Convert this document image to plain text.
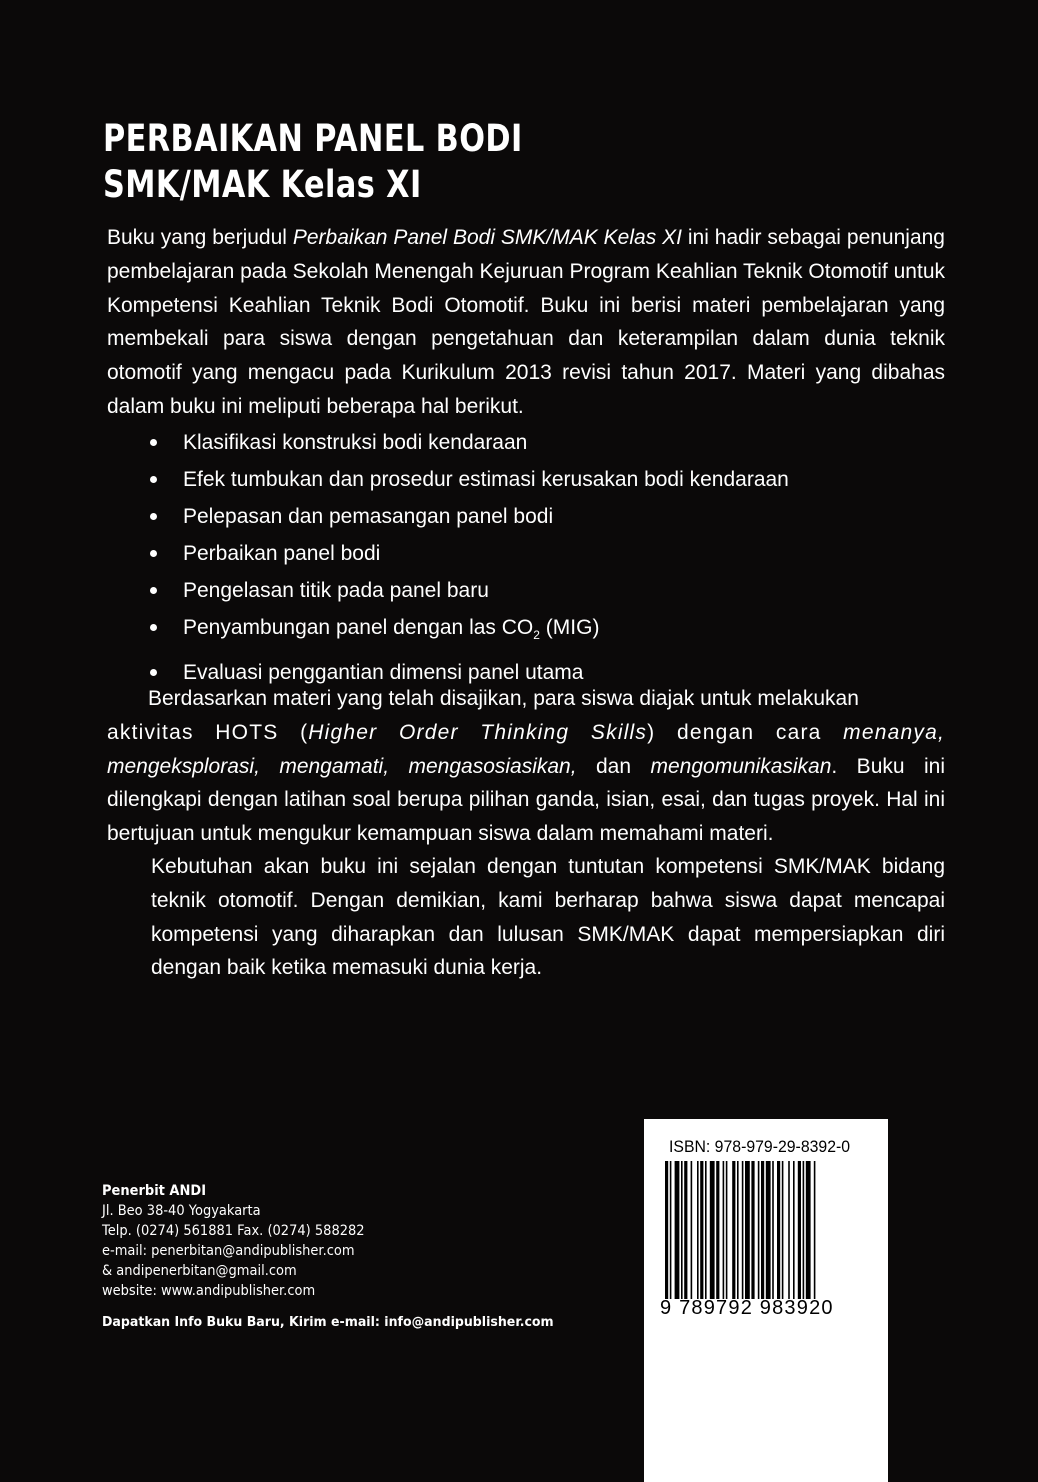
PERBAIKAN PANEL BODI
SMK/MAK Kelas XI

Buku yang berjudul Perbaikan Panel Bodi SMK/MAK Kelas XI ini hadir sebagai penunjang pembelajaran pada Sekolah Menengah Kejuruan Program Keahlian Teknik Otomotif untuk Kompetensi Keahlian Teknik Bodi Otomotif. Buku ini berisi materi pembelajaran yang membekali para siswa dengan pengetahuan dan keterampilan dalam dunia teknik otomotif yang mengacu pada Kurikulum 2013 revisi tahun 2017. Materi yang dibahas dalam buku ini meliputi beberapa hal berikut.

Klasifikasi konstruksi bodi kendaraan
Efek tumbukan dan prosedur estimasi kerusakan bodi kendaraan
Pelepasan dan pemasangan panel bodi
Perbaikan panel bodi
Pengelasan titik pada panel baru
Penyambungan panel dengan las $CO_2$ (MIG)
Evaluasi penggantian dimensi panel utama

Berdasarkan materi yang telah disajikan, para siswa diajak untuk melakukan

aktivitas HOTS (Higher Order Thinking Skills) dengan cara menanya, mengeksplorasi, mengamati, mengasosiasikan, dan mengomunikasikan. Buku ini dilengkapi dengan latihan soal berupa pilihan ganda, isian, esai, dan tugas proyek. Hal ini bertujuan untuk mengukur kemampuan siswa dalam memahami materi.

Kebutuhan akan buku ini sejalan dengan tuntutan kompetensi SMK/MAK bidang teknik otomotif. Dengan demikian, kami berharap bahwa siswa dapat mencapai kompetensi yang diharapkan dan lulusan SMK/MAK dapat mempersiapkan diri dengan baik ketika memasuki dunia kerja.

Penerbit ANDI
Jl. Beo 38-40 Yogyakarta
Telp. (0274) 561881 Fax. (0274) 588282
e-mail: penerbitan@andipublisher.com
& andipenerbitan@gmail.com
website: www.andipublisher.com
Dapatkan Info Buku Baru, Kirim e-mail: info@andipublisher.com
ISBN: 978-979-29-8392-0
9 789792 983920
